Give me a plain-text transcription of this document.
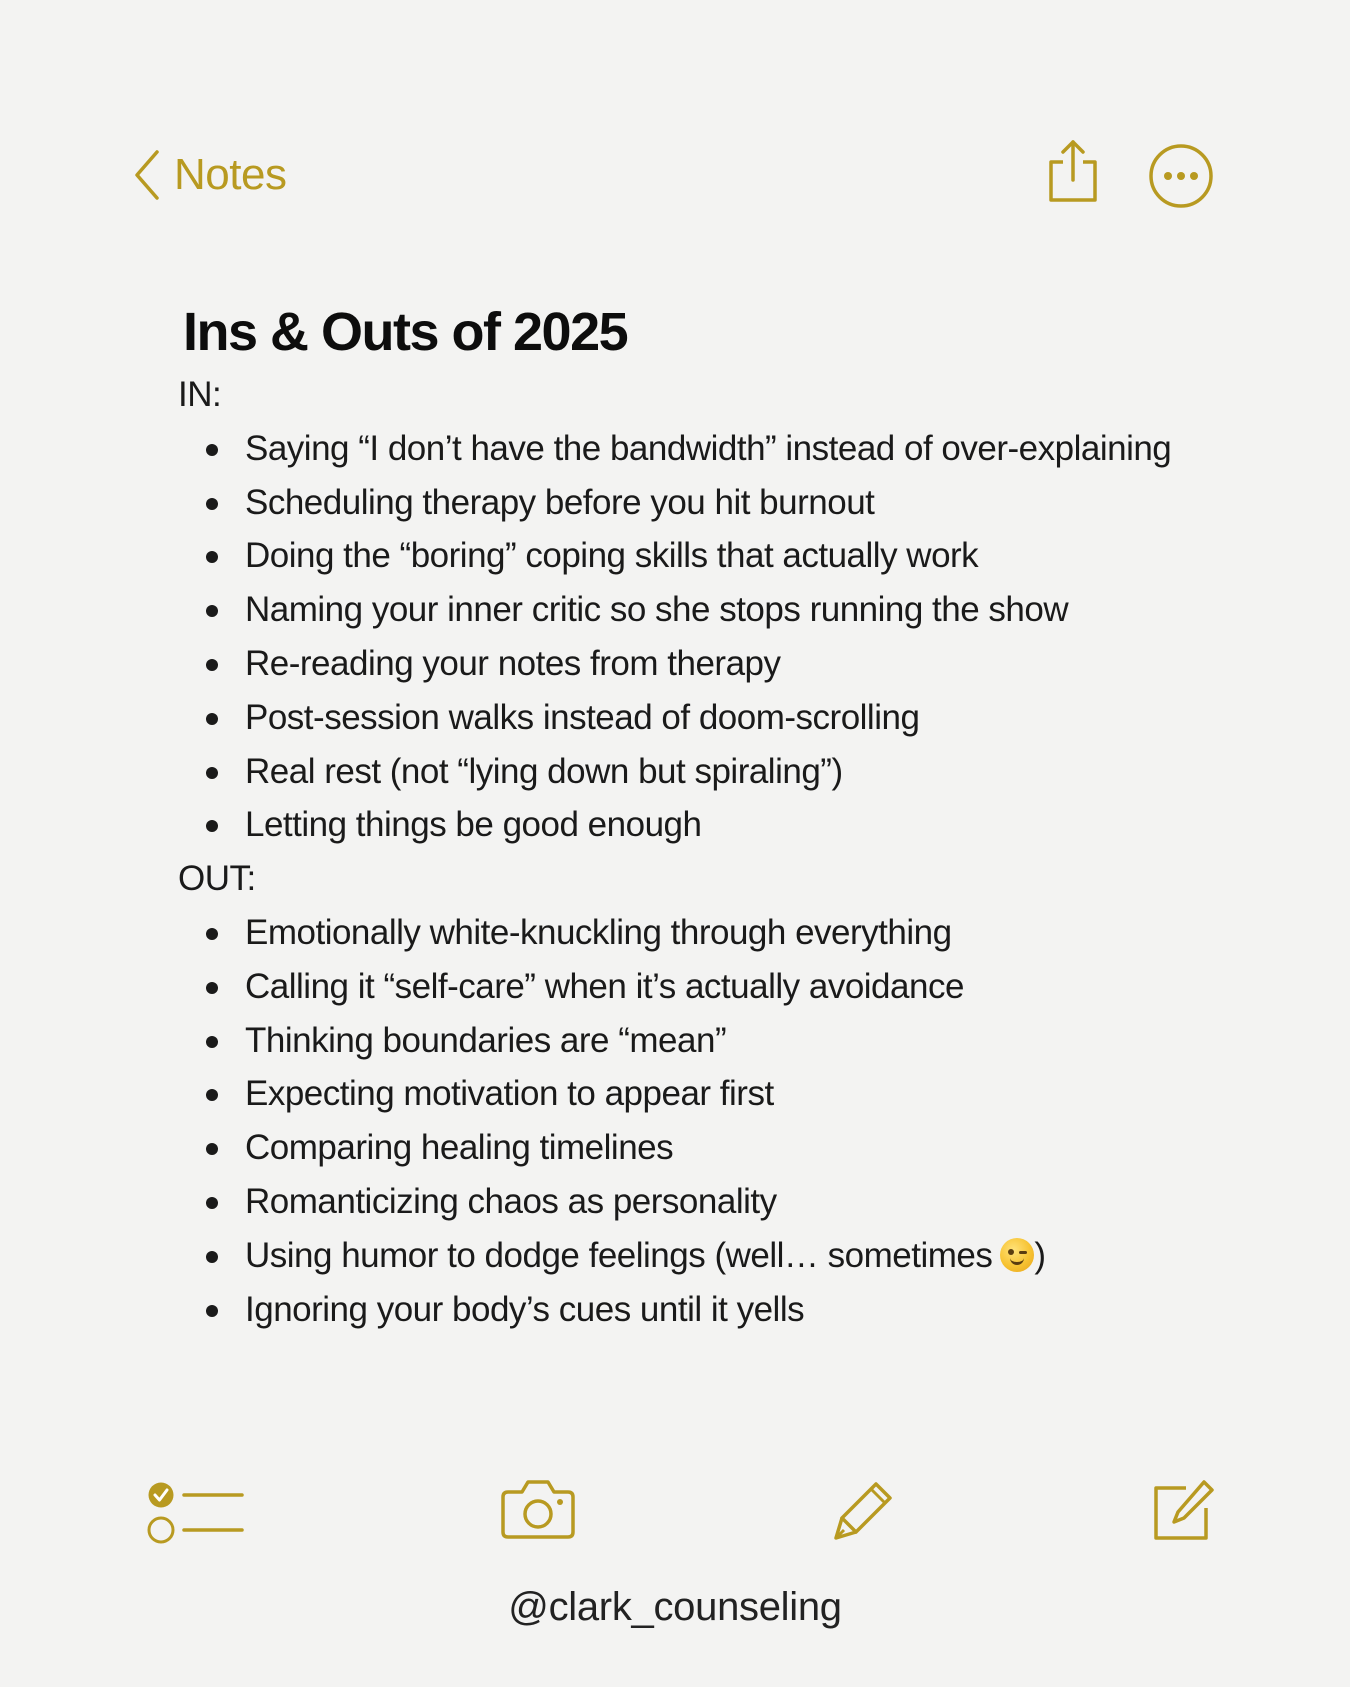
Notes
Ins & Outs of 2025

IN:

Saying “I don’t have the bandwidth” instead of over-explaining
Scheduling therapy before you hit burnout
Doing the “boring” coping skills that actually work
Naming your inner critic so she stops running the show
Re-reading your notes from therapy
Post-session walks instead of doom-scrolling
Real rest (not “lying down but spiraling”)
Letting things be good enough

OUT:

Emotionally white-knuckling through everything
Calling it “self-care” when it’s actually avoidance
Thinking boundaries are “mean”
Expecting motivation to appear first
Comparing healing timelines
Romanticizing chaos as personality
Using humor to dodge feelings (well… sometimes )
Ignoring your body’s cues until it yells
@clark_counseling
